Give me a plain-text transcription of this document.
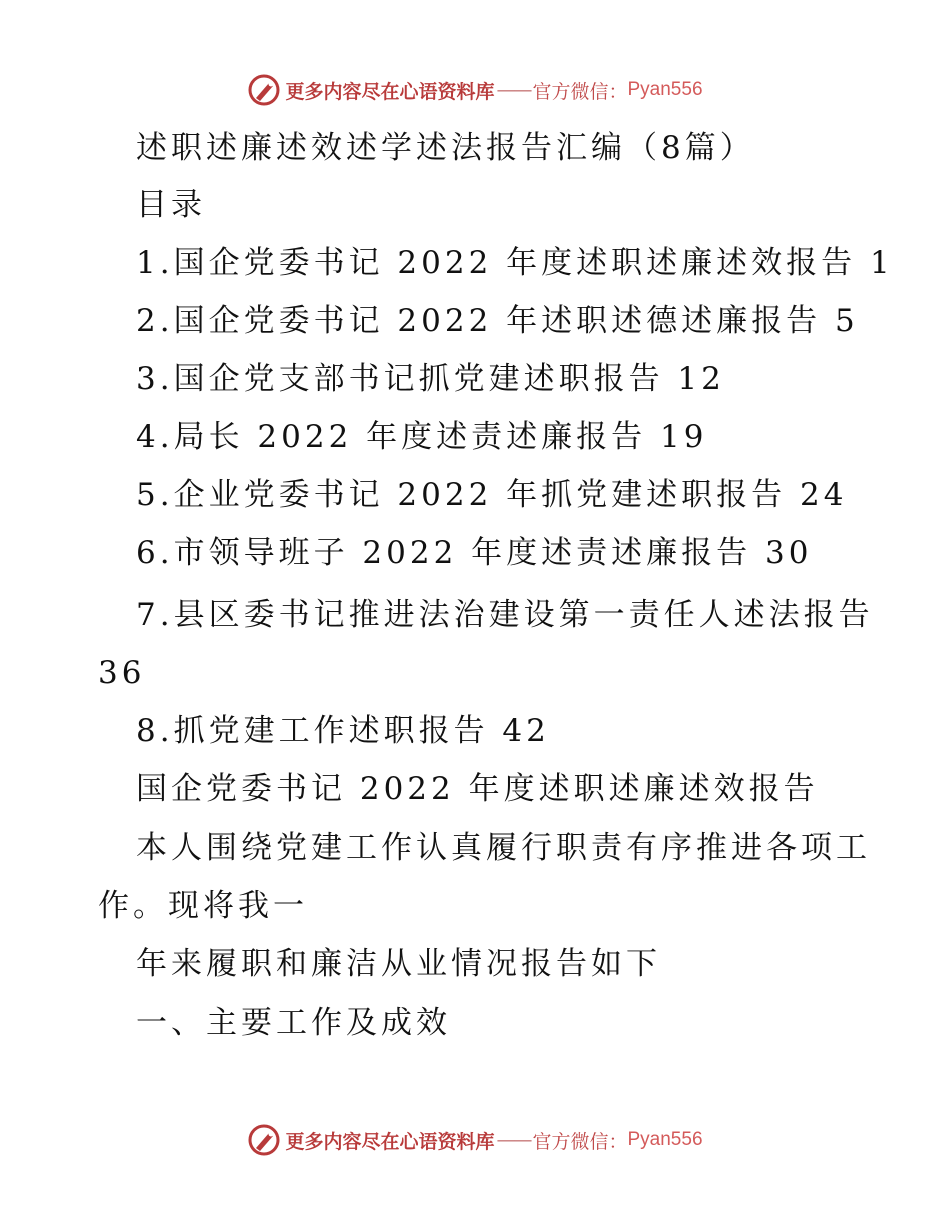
更多内容尽在心语资料库 —— 官方微信： Pyan556
述职述廉述效述学述法报告汇编（8篇）
目录
1.国企党委书记 2022 年度述职述廉述效报告 1
2.国企党委书记 2022 年述职述德述廉报告 5
3.国企党支部书记抓党建述职报告 12
4.局长 2022 年度述责述廉报告 19
5.企业党委书记 2022 年抓党建述职报告 24
6.市领导班子 2022 年度述责述廉报告 30
7.县区委书记推进法治建设第一责任人述法报告
36
8.抓党建工作述职报告 42
国企党委书记 2022 年度述职述廉述效报告
本人围绕党建工作认真履行职责有序推进各项工
作。现将我一
年来履职和廉洁从业情况报告如下
一、主要工作及成效
更多内容尽在心语资料库 —— 官方微信： Pyan556
